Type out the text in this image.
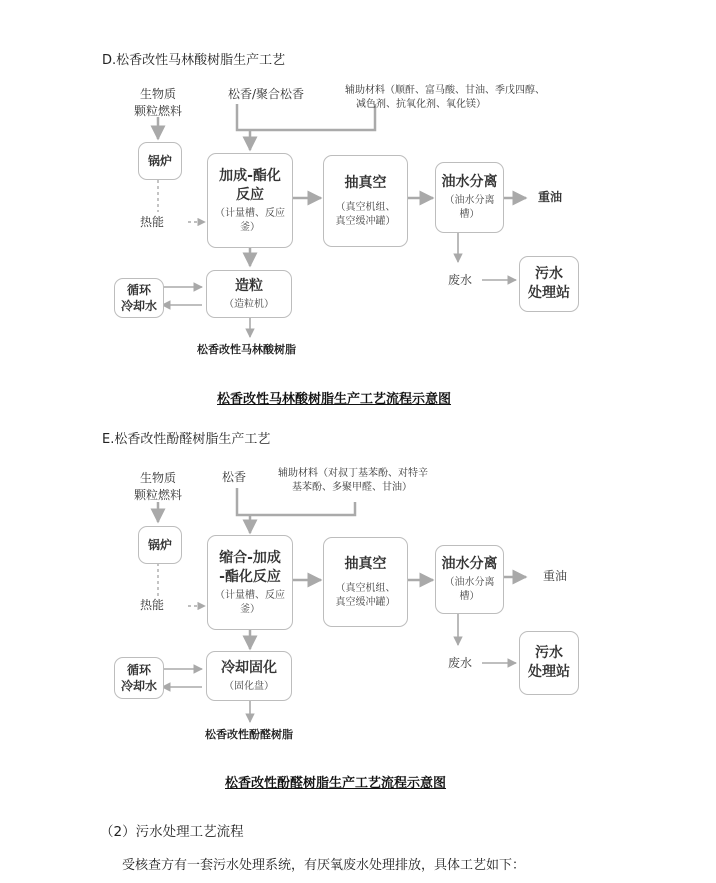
D.松香改性马林酸树脂生产工艺
生物质
颗粒燃料
松香/聚合松香	辅助材料（顺酐、富马酸、甘油、季戊四醇、
减色剂、抗氧化剂、氧化镁）
锅炉
热能
加成-酯化
反应
（计量槽、反应
釜）
抽真空
（真空机组、
真空缓冲罐）
油水分离
（油水分离
槽）
重油
废水	污水
处理站
循环
冷却水
造粒
（造粒机）
松香改性马林酸树脂
松香改性马林酸树脂生产工艺流程示意图
E.松香改性酚醛树脂生产工艺
生物质
颗粒燃料
松香	辅助材料（对叔丁基苯酚、对特辛
基苯酚、多聚甲醛、甘油）
锅炉
热能
缩合-加成
-酯化反应
（计量槽、反应
釜）
抽真空
（真空机组、
真空缓冲罐）
油水分离
（油水分离
槽）
重油
废水
污水
处理站
循环
冷却水
冷却固化
（固化盘）
松香改性酚醛树脂
松香改性酚醛树脂生产工艺流程示意图
（2）污水处理工艺流程
受核查方有一套污水处理系统，有厌氧废水处理排放，具体工艺如下：
